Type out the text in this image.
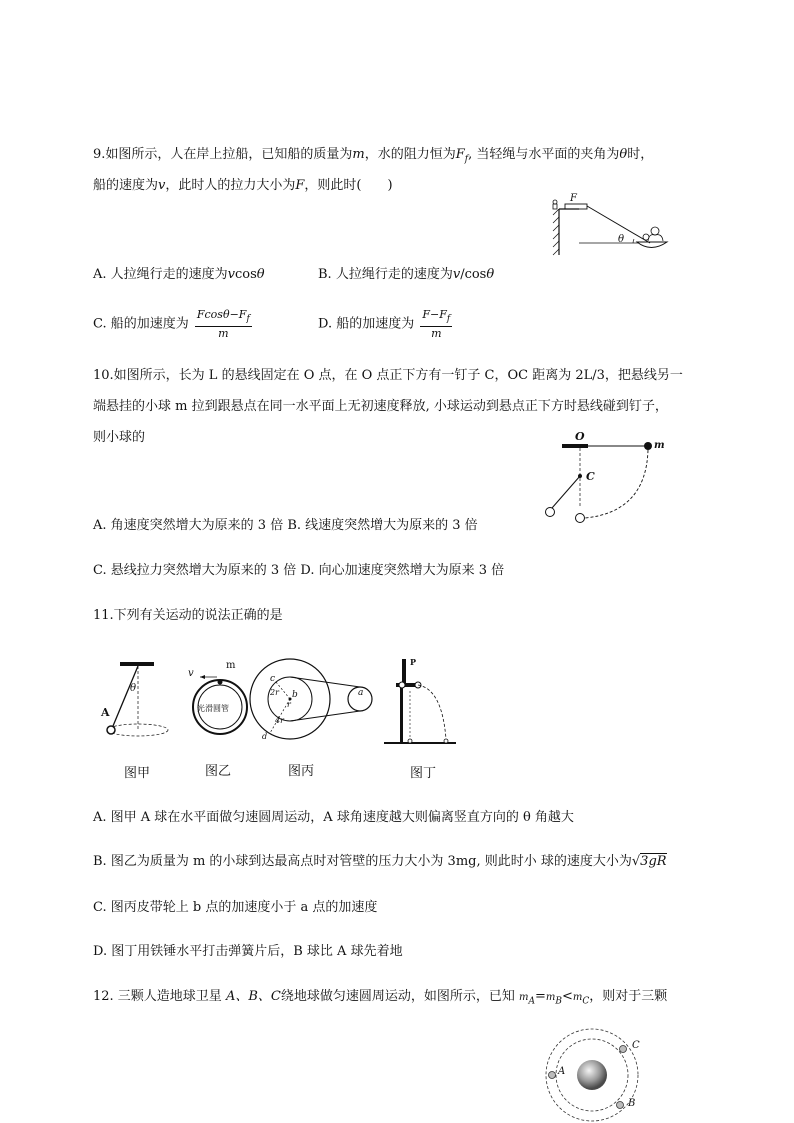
9.如图所示，人在岸上拉船，已知船的质量为m，水的阻力恒为$F_f$, 当轻绳与水平面的夹角为θ时，
船的速度为v，此时人的拉力大小为F，则此时(　　)
F
θ
A. 人拉绳行走的速度为vcosθ	B. 人拉绳行走的速度为v/cosθ
C. 船的加速度为 $\frac{Fcos\theta-F_f}{m}$	D. 船的加速度为 $\frac{F-F_f}{m}$
10.如图所示，长为 L 的悬线固定在 O 点，在 O 点正下方有一钉子 C，OC 距离为 2L/3，把悬线另一
端悬挂的小球 m 拉到跟悬点在同一水平面上无初速度释放, 小球运动到悬点正下方时悬线碰到钉子，
则小球的	O
C
m
A. 角速度突然增大为原来的 3 倍 B. 线速度突然增大为原来的 3 倍
C. 悬线拉力突然增大为原来的 3 倍 D. 向心加速度突然增大为原来 3 倍
11.下列有关运动的说法正确的是
θ
A
v
m
光滑圆管
c
2r b
r
4r
a
d
P
图甲	图乙	图丙	图丁
A. 图甲 A 球在水平面做匀速圆周运动，A 球角速度越大则偏离竖直方向的 θ 角越大
B. 图乙为质量为 m 的小球到达最高点时对管壁的压力大小为 3mg, 则此时小 球的速度大小为√3gR
C. 图丙皮带轮上 b 点的加速度小于 a 点的加速度
D. 图丁用铁锤水平打击弹簧片后，B 球比 A 球先着地
12. 三颗人造地球卫星 A、B、C绕地球做匀速圆周运动，如图所示，已知 $m_A=m_B<m_C$，则对于三颗
A
C
B
